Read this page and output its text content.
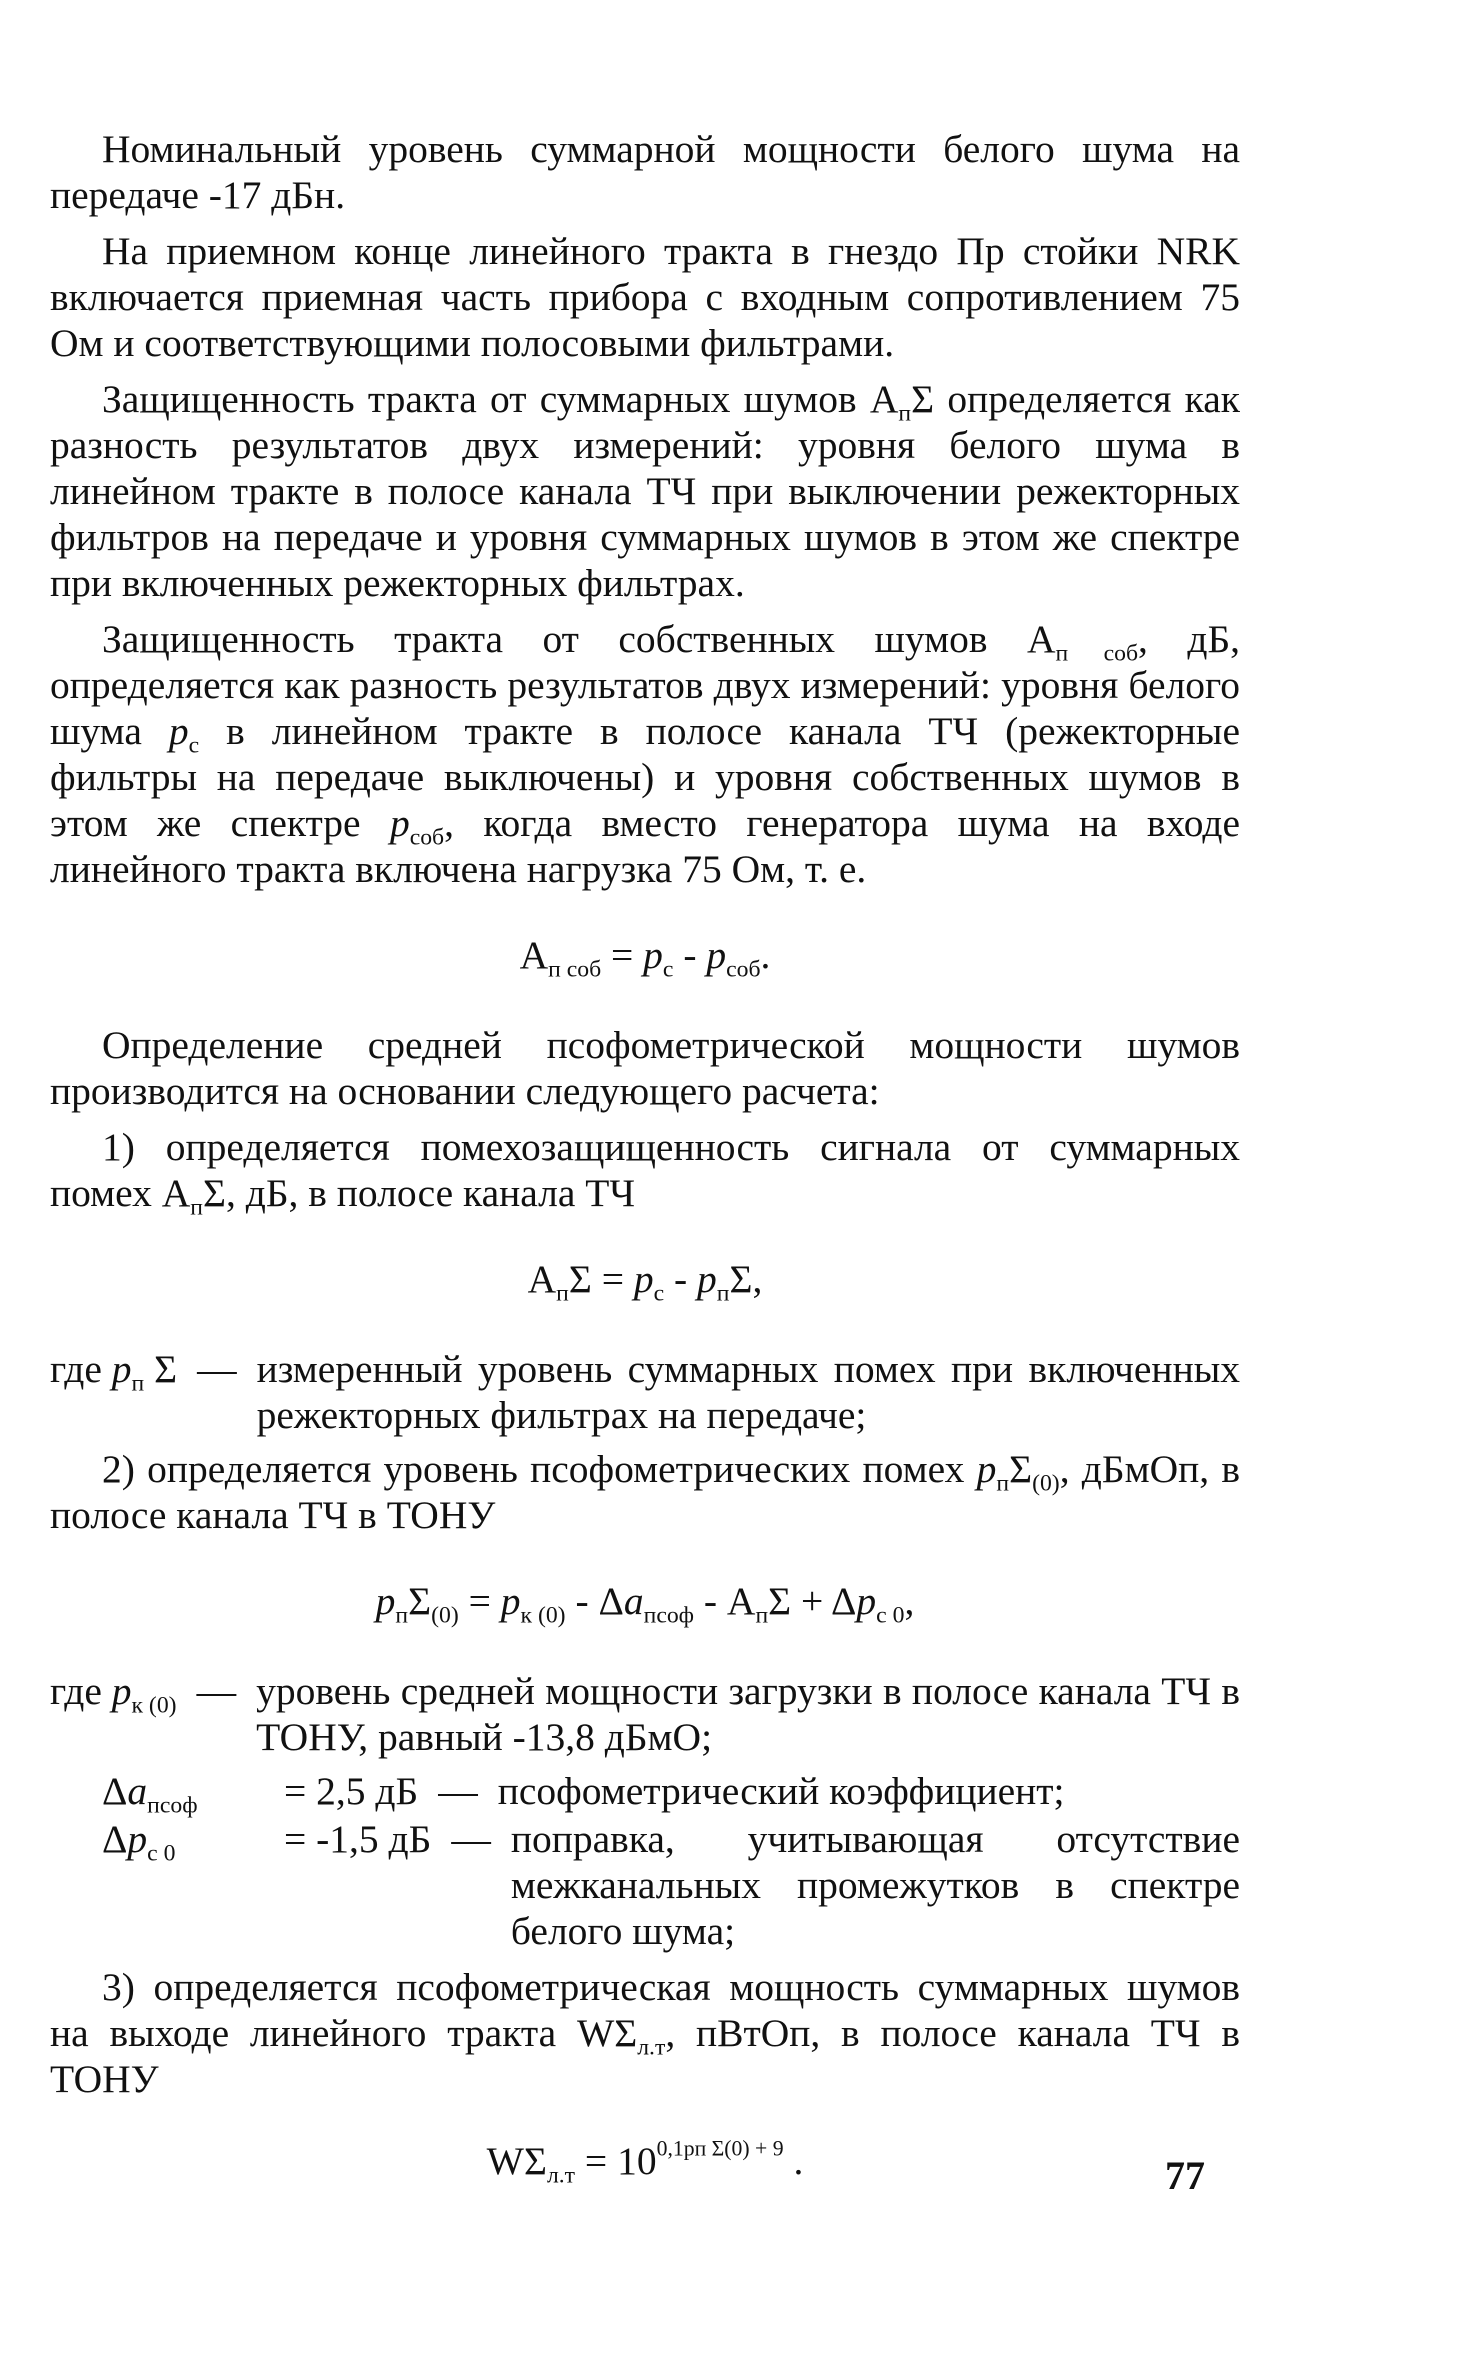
Номинальный уровень суммарной мощности белого шума на передаче -17 дБн.

На приемном конце линейного тракта в гнездо Пр стойки NRK включается приемная часть прибора с входным сопротивлением 75 Ом и соответствующими полосовыми фильтрами.

Защищенность тракта от суммарных шумов $А_п\Sigma$ определяется как разность результатов двух измерений: уровня белого шума в линейном тракте в полосе канала ТЧ при выключении режекторных фильтров на передаче и уровня суммарных шумов в этом же спектре при включенных режекторных фильтрах.

Защищенность тракта от собственных шумов $А_{п соб}$, дБ, определяется как разность результатов двух измерений: уровня белого шума $p_с$ в линейном тракте в полосе канала ТЧ (режекторные фильтры на передаче выключены) и уровня собственных шумов в этом же спектре $p_{соб}$, когда вместо генератора шума на входе линейного тракта включена нагрузка 75 Ом, т. е.

$А_{п соб} = p_с - p_{соб}$.

Определение средней псофометрической мощности шумов производится на основании следующего расчета:

1) определяется помехозащищенность сигнала от суммарных помех $А_п\Sigma$, дБ, в полосе канала ТЧ

$А_п\Sigma = p_с - p_п\Sigma$,

где $p_п$ Σ — измеренный уровень суммарных помех при включенных режекторных фильтрах на передаче;

2) определяется уровень псофометрических помех $p_п\Sigma_{(0)}$, дБмОп, в полосе канала ТЧ в ТОНУ

$p_п\Sigma_{(0)} = p_{к (0)} - \Delta a_{псоф} - А_п\Sigma + \Delta p_{с 0}$,

где $p_{к (0)}$ — уровень средней мощности загрузки в полосе канала ТЧ в ТОНУ, равный -13,8 дБмО;
$\Delta a_{псоф}$	= 2,5 дБ — псофометрический коэффициент;
$\Delta p_{с 0}$	= -1,5 дБ — поправка, учитывающая отсутствие межканальных промежутков в спектре белого шума;

3) определяется псофометрическая мощность суммарных шумов на выходе линейного тракта $W\Sigma_{л.т}$, пВтОп, в полосе канала ТЧ в ТОНУ

$W\Sigma_{л.т} = 10^{0,1pп \Sigma(0) + 9}$ .	77
